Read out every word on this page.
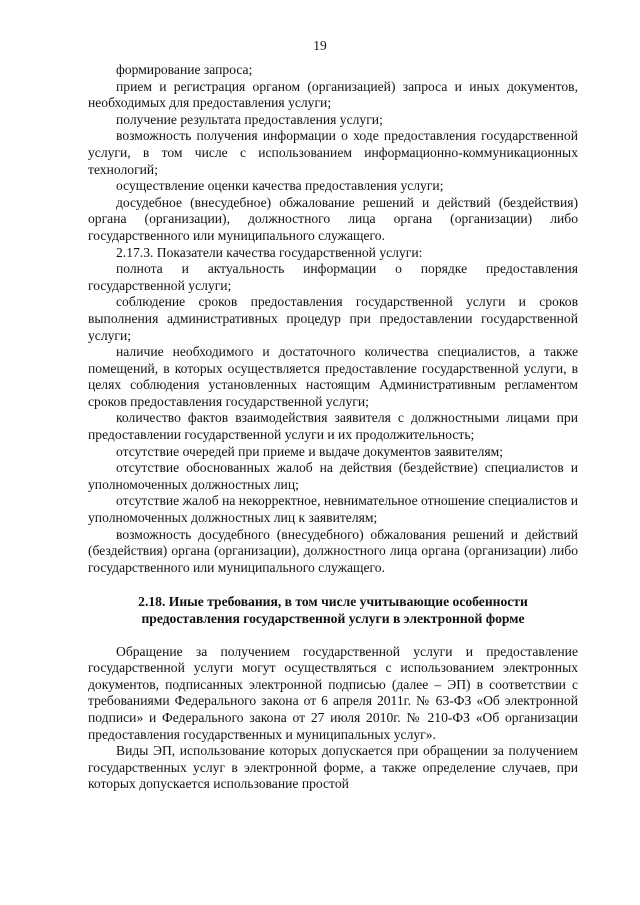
19

формирование запроса;

прием и регистрация органом (организацией) запроса и иных документов, необходимых для предоставления услуги;

получение результата предоставления услуги;

возможность получения информации о ходе предоставления государственной услуги, в том числе с использованием информационно-коммуникационных технологий;

осуществление оценки качества предоставления услуги;

досудебное (внесудебное) обжалование решений и действий (бездействия) органа (организации), должностного лица органа (организации) либо государственного или муниципального служащего.

2.17.3. Показатели качества государственной услуги:

полнота и актуальность информации о порядке предоставления государственной услуги;

соблюдение сроков предоставления государственной услуги и сроков выполнения административных процедур при предоставлении государственной услуги;

наличие необходимого и достаточного количества специалистов, а также помещений, в которых осуществляется предоставление государственной услуги, в целях соблюдения установленных настоящим Административным регламентом сроков предоставления государственной услуги;

количество фактов взаимодействия заявителя с должностными лицами при предоставлении государственной услуги и их продолжительность;

отсутствие очередей при приеме и выдаче документов заявителям;

отсутствие обоснованных жалоб на действия (бездействие) специалистов и уполномоченных должностных лиц;

отсутствие жалоб на некорректное, невнимательное отношение специалистов и уполномоченных должностных лиц к заявителям;

возможность досудебного (внесудебного) обжалования решений и действий (бездействия) органа (организации), должностного лица органа (организации) либо государственного или муниципального служащего.

2.18. Иные требования, в том числе учитывающие особенности
предоставления государственной услуги в электронной форме

Обращение за получением государственной услуги и предоставление государственной услуги могут осуществляться с использованием электронных документов, подписанных электронной подписью (далее – ЭП) в соответствии с требованиями Федерального закона от 6 апреля 2011г. № 63-ФЗ «Об электронной подписи» и Федерального закона от 27 июля 2010г. № 210-ФЗ «Об организации предоставления государственных и муниципальных услуг».

Виды ЭП, использование которых допускается при обращении за получением государственных услуг в электронной форме, а также определение случаев, при которых допускается использование простой
